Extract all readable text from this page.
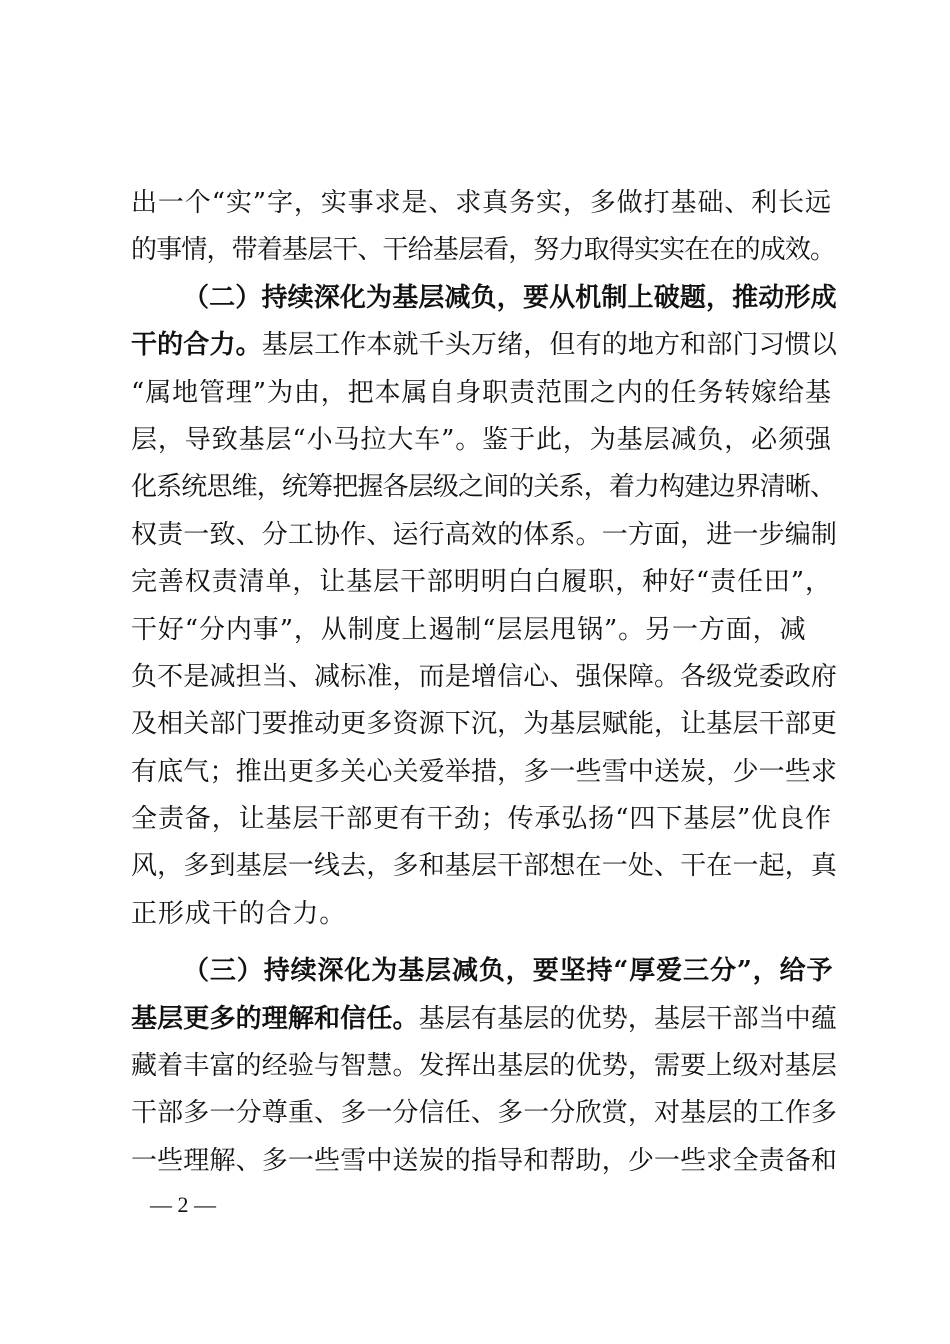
出一个“实”字，实事求是、求真务实，多做打基础、利长远
的事情，带着基层干、干给基层看，努力取得实实在在的成效。
（二）持续深化为基层减负，要从机制上破题，推动形成
干的合力。基层工作本就千头万绪，但有的地方和部门习惯以
“属地管理”为由，把本属自身职责范围之内的任务转嫁给基
层，导致基层“小马拉大车”。鉴于此，为基层减负，必须强
化系统思维，统筹把握各层级之间的关系，着力构建边界清晰、
权责一致、分工协作、运行高效的体系。一方面，进一步编制
完善权责清单，让基层干部明明白白履职，种好“责任田”，
干好“分内事”，从制度上遏制“层层甩锅”。另一方面，减
负不是减担当、减标准，而是增信心、强保障。各级党委政府
及相关部门要推动更多资源下沉，为基层赋能，让基层干部更
有底气；推出更多关心关爱举措，多一些雪中送炭，少一些求
全责备，让基层干部更有干劲；传承弘扬“四下基层”优良作
风，多到基层一线去，多和基层干部想在一处、干在一起，真
正形成干的合力。
（三）持续深化为基层减负，要坚持“厚爱三分”，给予
基层更多的理解和信任。基层有基层的优势，基层干部当中蕴
藏着丰富的经验与智慧。发挥出基层的优势，需要上级对基层
干部多一分尊重、多一分信任、多一分欣赏，对基层的工作多
一些理解、多一些雪中送炭的指导和帮助，少一些求全责备和
— 2 —
